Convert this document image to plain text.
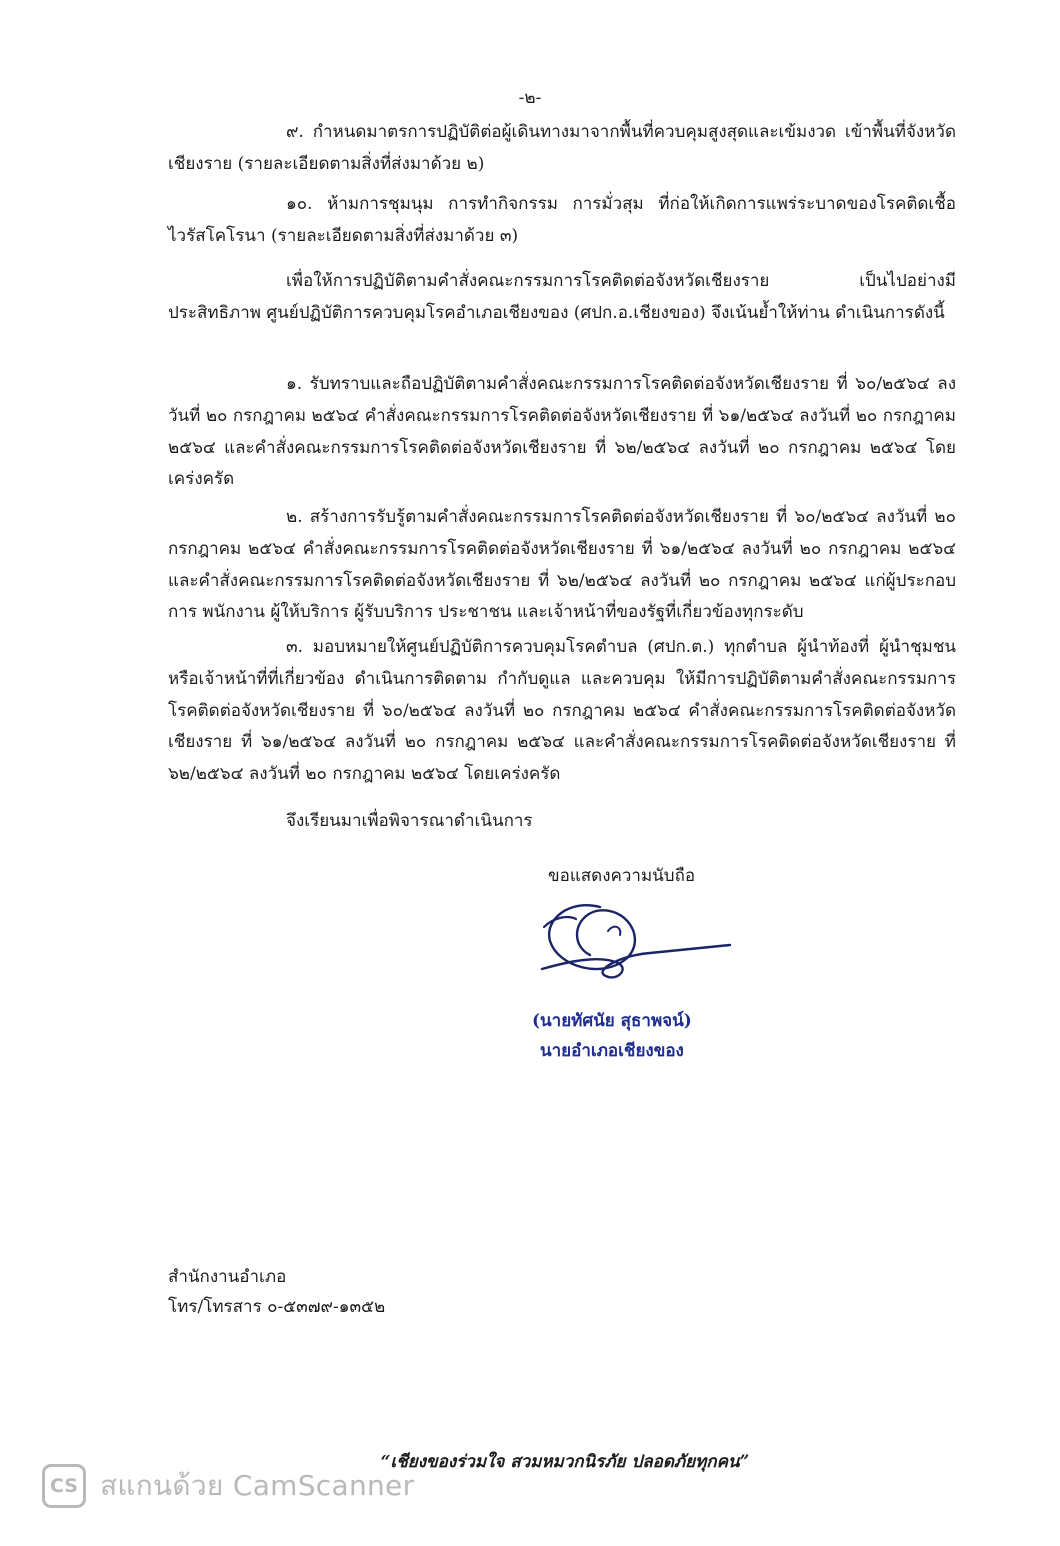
-๒-

๙. กำหนดมาตรการปฏิบัติต่อผู้เดินทางมาจากพื้นที่ควบคุมสูงสุดและเข้มงวด เข้าพื้นที่จังหวัดเชียงราย (รายละเอียดตามสิ่งที่ส่งมาด้วย ๒)

๑๐. ห้ามการชุมนุม การทำกิจกรรม การมั่วสุม ที่ก่อให้เกิดการแพร่ระบาดของโรคติดเชื้อไวรัสโคโรนา (รายละเอียดตามสิ่งที่ส่งมาด้วย ๓)

เพื่อให้การปฏิบัติตามคำสั่งคณะกรรมการโรคติดต่อจังหวัดเชียงราย เป็นไปอย่างมีประสิทธิภาพ ศูนย์ปฏิบัติการควบคุมโรคอำเภอเชียงของ (ศปก.อ.เชียงของ) จึงเน้นย้ำให้ท่าน ดำเนินการดังนี้

๑. รับทราบและถือปฏิบัติตามคำสั่งคณะกรรมการโรคติดต่อจังหวัดเชียงราย ที่ ๖๐/๒๕๖๔ ลงวันที่ ๒๐ กรกฎาคม ๒๕๖๔ คำสั่งคณะกรรมการโรคติดต่อจังหวัดเชียงราย ที่ ๖๑/๒๕๖๔ ลงวันที่ ๒๐ กรกฎาคม ๒๕๖๔ และคำสั่งคณะกรรมการโรคติดต่อจังหวัดเชียงราย ที่ ๖๒/๒๕๖๔ ลงวันที่ ๒๐ กรกฎาคม ๒๕๖๔ โดยเคร่งครัด

๒. สร้างการรับรู้ตามคำสั่งคณะกรรมการโรคติดต่อจังหวัดเชียงราย ที่ ๖๐/๒๕๖๔ ลงวันที่ ๒๐ กรกฎาคม ๒๕๖๔ คำสั่งคณะกรรมการโรคติดต่อจังหวัดเชียงราย ที่ ๖๑/๒๕๖๔ ลงวันที่ ๒๐ กรกฎาคม ๒๕๖๔ และคำสั่งคณะกรรมการโรคติดต่อจังหวัดเชียงราย ที่ ๖๒/๒๕๖๔ ลงวันที่ ๒๐ กรกฎาคม ๒๕๖๔ แก่ผู้ประกอบการ พนักงาน ผู้ให้บริการ ผู้รับบริการ ประชาชน และเจ้าหน้าที่ของรัฐที่เกี่ยวข้องทุกระดับ

๓. มอบหมายให้ศูนย์ปฏิบัติการควบคุมโรคตำบล (ศปก.ต.) ทุกตำบล ผู้นำท้องที่ ผู้นำชุมชน หรือเจ้าหน้าที่ที่เกี่ยวข้อง ดำเนินการติดตาม กำกับดูแล และควบคุม ให้มีการปฏิบัติตามคำสั่งคณะกรรมการโรคติดต่อจังหวัดเชียงราย ที่ ๖๐/๒๕๖๔ ลงวันที่ ๒๐ กรกฎาคม ๒๕๖๔ คำสั่งคณะกรรมการโรคติดต่อจังหวัดเชียงราย ที่ ๖๑/๒๕๖๔ ลงวันที่ ๒๐ กรกฎาคม ๒๕๖๔ และคำสั่งคณะกรรมการโรคติดต่อจังหวัดเชียงราย ที่ ๖๒/๒๕๖๔ ลงวันที่ ๒๐ กรกฎาคม ๒๕๖๔ โดยเคร่งครัด

จึงเรียนมาเพื่อพิจารณาดำเนินการ

ขอแสดงความนับถือ
(นายทัศนัย สุธาพจน์)
นายอำเภอเชียงของ
สำนักงานอำเภอ
โทร/โทรสาร ๐-๕๓๗๙-๑๓๕๒
“เชียงของร่วมใจ สวมหมวกนิรภัย ปลอดภัยทุกคน”
CS สแกนด้วย CamScanner
